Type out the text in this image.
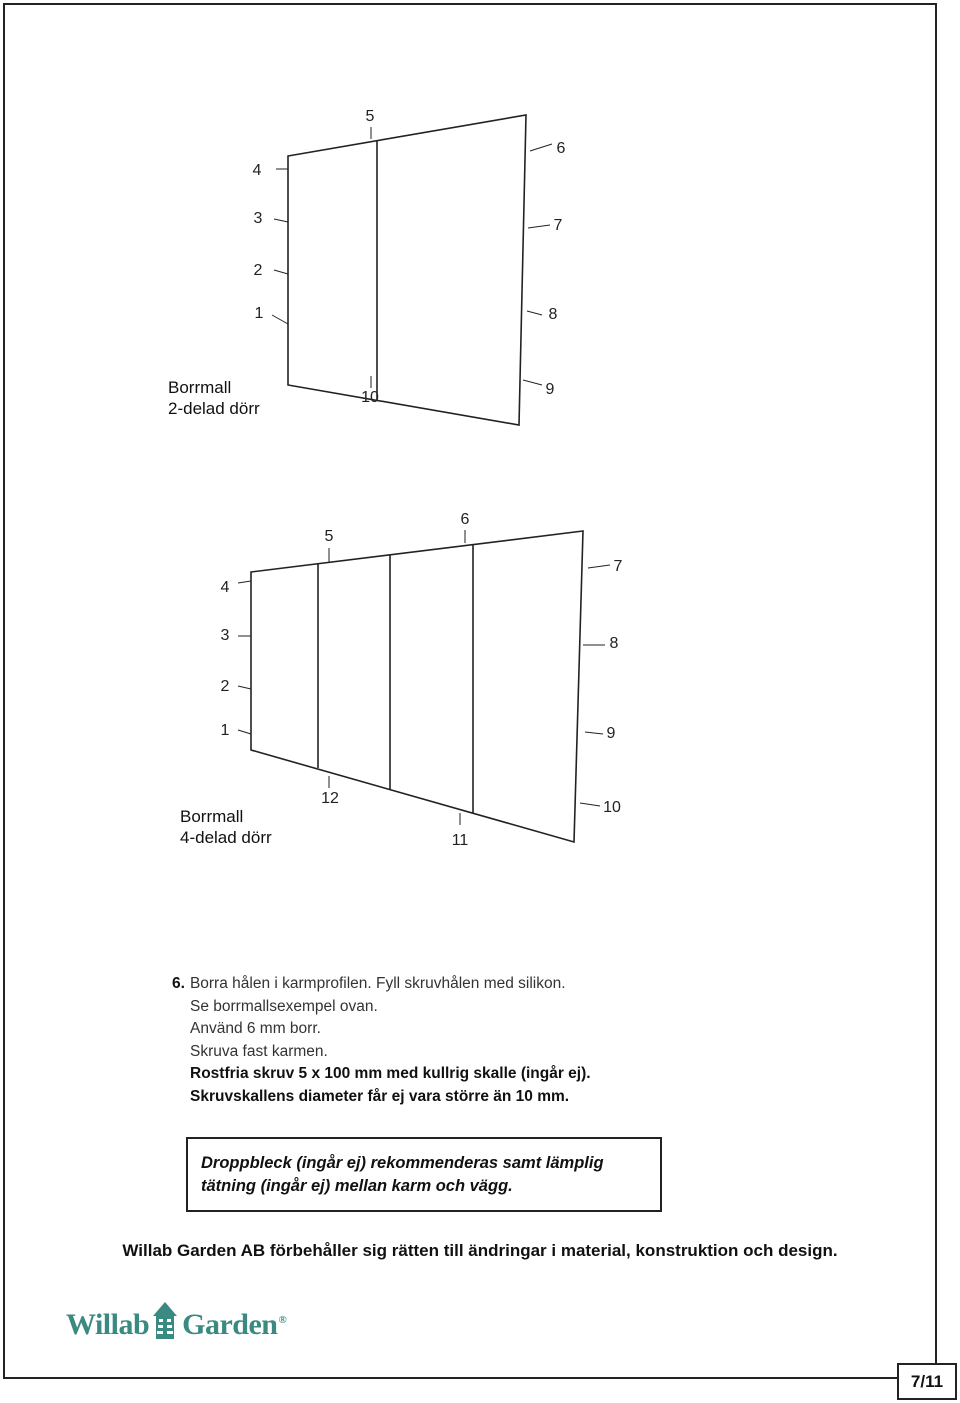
4
3
2
1
5
6
7
8
9
10
4
3
2
1
5
6
7
8
9
10
11
12
Borrmall
2-delad dörr
Borrmall
4-delad dörr
6. Borra hålen i karmprofilen. Fyll skruvhålen med silikon.
Se borrmallsexempel ovan.
Använd 6 mm borr.
Skruva fast karmen.
Rostfria skruv 5 x 100 mm med kullrig skalle (ingår ej).
Skruvskallens diameter får ej vara större än 10 mm.
Droppbleck (ingår ej) rekommenderas samt lämplig
tätning (ingår ej) mellan karm och vägg.
Willab Garden AB förbehåller sig rätten till ändringar i material, konstruktion och design.
Willab Garden ®
7/11
